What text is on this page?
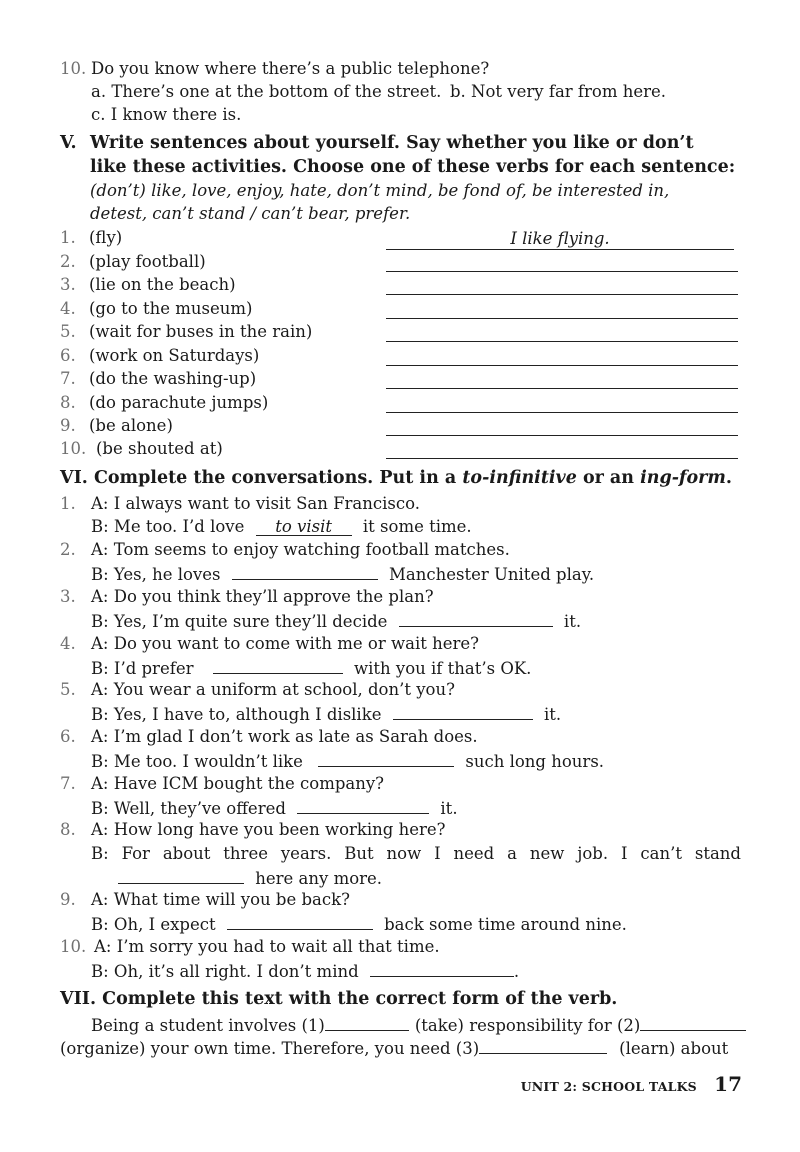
10. Do you know where there’s a public telephone?
a. There’s one at the bottom of the street. b. Not very far from here.
c. I know there is.
V. Write sentences about yourself. Say whether you like or don’t
like these activities. Choose one of these verbs for each sentence:
(don’t) like, love, enjoy, hate, don’t mind, be fond of, be interested in,
detest, can’t stand / can’t bear, prefer.
1. (fly)	I like flying.
2. (play football)
3. (lie on the beach)
4. (go to the museum)
5. (wait for buses in the rain)
6. (work on Saturdays)
7. (do the washing-up)
8. (do parachute jumps)
9. (be alone)
10. (be shouted at)
VI. Complete the conversations. Put in a to-infinitive or an ing-form.
1. A: I always want to visit San Francisco.
B: Me too. I’d love to visit it some time.
2. A: Tom seems to enjoy watching football matches.
B: Yes, he loves	Manchester United play.
3. A: Do you think they’ll approve the plan?
B: Yes, I’m quite sure they’ll decide	it.
4. A: Do you want to come with me or wait here?
B: I’d prefer	with you if that’s OK.
5. A: You wear a uniform at school, don’t you?
B: Yes, I have to, although I dislike	it.
6. A: I’m glad I don’t work as late as Sarah does.
B: Me too. I wouldn’t like	such long hours.
7. A: Have ICM bought the company?
B: Well, they’ve offered	it.
8. A: How long have you been working here?
B: For about three years. But now I need a new job. I can’t stand
here any more.
9. A: What time will you be back?
B: Oh, I expect	back some time around nine.
10. A: I’m sorry you had to wait all that time.
B: Oh, it’s all right. I don’t mind	.
VII. Complete this text with the correct form of the verb.
Being a student involves (1)	(take) responsibility for (2)
(organize) your own time. Therefore, you need (3)	(learn) about
UNIT 2: SCHOOL TALKS 17
